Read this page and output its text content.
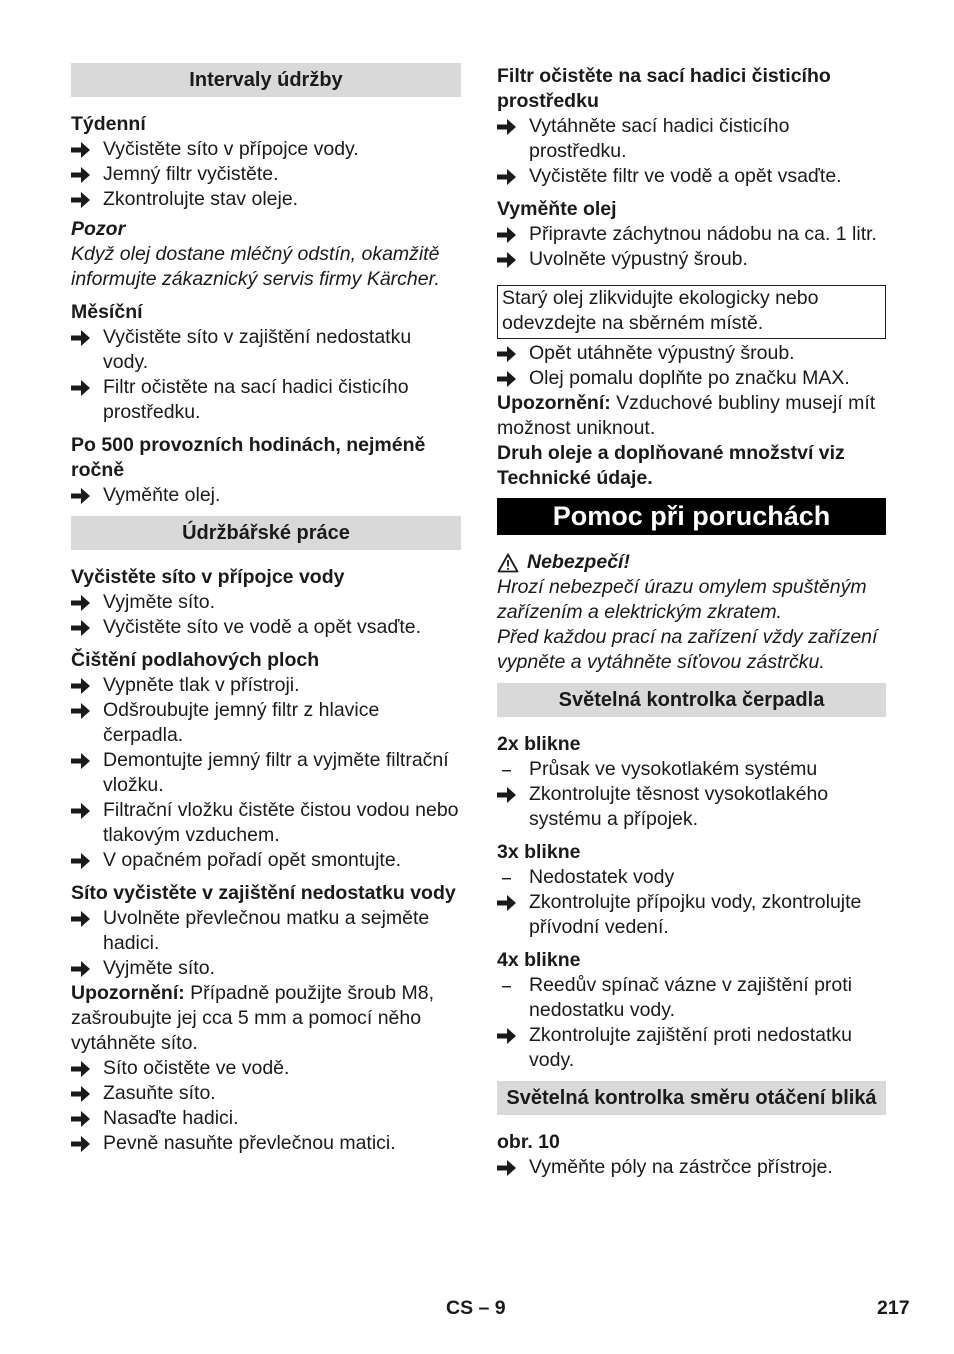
Intervaly údržby
Týdenní
Vyčistěte síto v přípojce vody.
Jemný filtr vyčistěte.
Zkontrolujte stav oleje.
Pozor
Když olej dostane mléčný odstín, okamžitě informujte zákaznický servis firmy Kärcher.
Měsíční
Vyčistěte síto v zajištění nedostatku vody.
Filtr očistěte na sací hadici čisticího prostředku.
Po 500 provozních hodinách, nejméně ročně
Vyměňte olej.
Údržbářské práce
Vyčistěte síto v přípojce vody
Vyjměte síto.
Vyčistěte síto ve vodě a opět vsaďte.
Čištění podlahových ploch
Vypněte tlak v přístroji.
Odšroubujte jemný filtr z hlavice čerpadla.
Demontujte jemný filtr a vyjměte filtrační vložku.
Filtrační vložku čistěte čistou vodou nebo tlakovým vzduchem.
V opačném pořadí opět smontujte.
Síto vyčistěte v zajištění nedostatku vody
Uvolněte převlečnou matku a sejměte hadici.
Vyjměte síto.
Upozornění: Případně použijte šroub M8, zašroubujte jej cca 5 mm a pomocí něho vytáhněte síto.
Síto očistěte ve vodě.
Zasuňte síto.
Nasaďte hadici.
Pevně nasuňte převlečnou matici.
Filtr očistěte na sací hadici čisticího prostředku
Vytáhněte sací hadici čisticího prostředku.
Vyčistěte filtr ve vodě a opět vsaďte.
Vyměňte olej
Připravte záchytnou nádobu na ca. 1 litr.
Uvolněte výpustný šroub.
Starý olej zlikvidujte ekologicky nebo odevzdejte na sběrném místě.
Opět utáhněte výpustný šroub.
Olej pomalu doplňte po značku MAX.
Upozornění: Vzduchové bubliny musejí mít možnost uniknout.
Druh oleje a doplňované množství viz Technické údaje.
Pomoc při poruchách
Nebezpečí!
Hrozí nebezpečí úrazu omylem spuštěným zařízením a elektrickým zkratem.
Před každou prací na zařízení vždy zařízení vypněte a vytáhněte síťovou zástrčku.
Světelná kontrolka čerpadla
2x blikne
Průsak ve vysokotlakém systému
Zkontrolujte těsnost vysokotlakého systému a přípojek.
3x blikne
Nedostatek vody
Zkontrolujte přípojku vody, zkontrolujte přívodní vedení.
4x blikne
Reedův spínač vázne v zajištění proti nedostatku vody.
Zkontrolujte zajištění proti nedostatku vody.
Světelná kontrolka směru otáčení bliká
obr. 10
Vyměňte póly na zástrčce přístroje.
CS – 9	217
